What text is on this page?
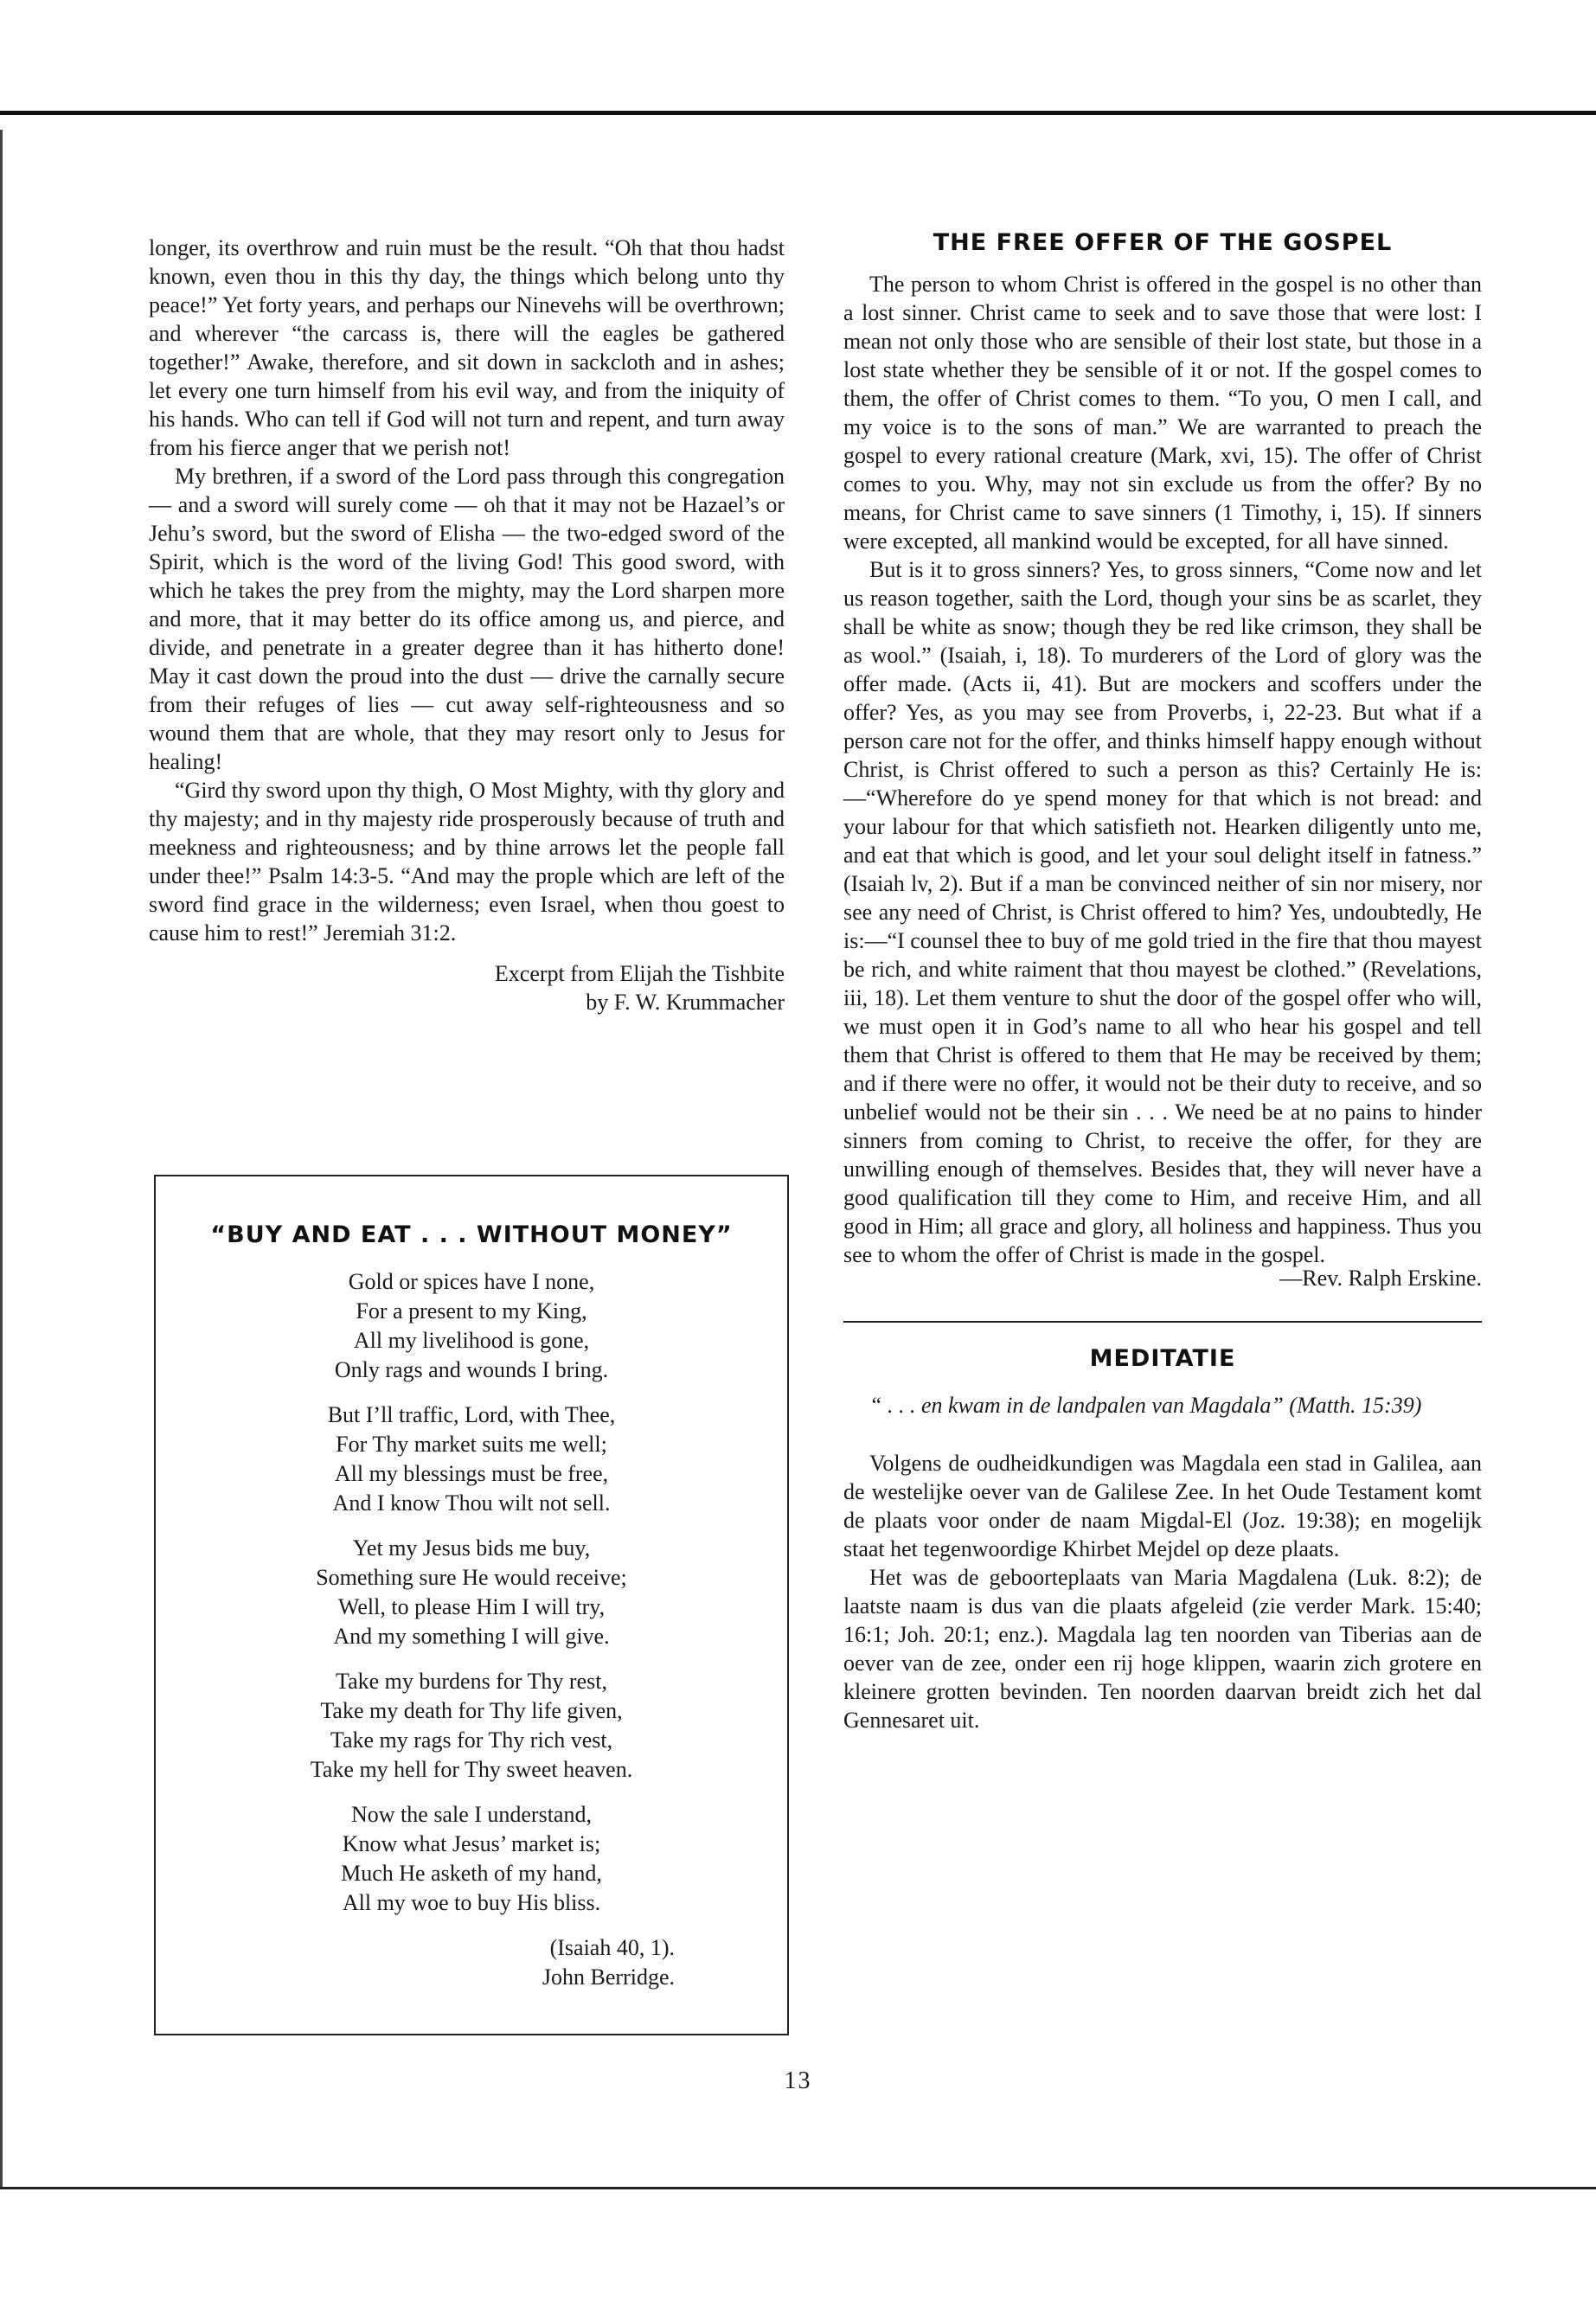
longer, its overthrow and ruin must be the result. “Oh that thou hadst known, even thou in this thy day, the things which belong unto thy peace!” Yet forty years, and perhaps our Ninevehs will be overthrown; and wherever “the carcass is, there will the eagles be gathered together!” Awake, therefore, and sit down in sackcloth and in ashes; let every one turn himself from his evil way, and from the iniquity of his hands. Who can tell if God will not turn and repent, and turn away from his fierce anger that we perish not!

My brethren, if a sword of the Lord pass through this congregation — and a sword will surely come — oh that it may not be Hazael’s or Jehu’s sword, but the sword of Elisha — the two-edged sword of the Spirit, which is the word of the living God! This good sword, with which he takes the prey from the mighty, may the Lord sharpen more and more, that it may better do its office among us, and pierce, and divide, and penetrate in a greater degree than it has hitherto done! May it cast down the proud into the dust — drive the carnally secure from their refuges of lies — cut away self-righteousness and so wound them that are whole, that they may resort only to Jesus for healing!

“Gird thy sword upon thy thigh, O Most Mighty, with thy glory and thy majesty; and in thy majesty ride prosperously because of truth and meekness and righteousness; and by thine arrows let the people fall under thee!” Psalm 14:3-5. “And may the prople which are left of the sword find grace in the wilderness; even Israel, when thou goest to cause him to rest!” Jeremiah 31:2.

Excerpt from Elijah the Tishbite
by F. W. Krummacher
“BUY AND EAT . . . WITHOUT MONEY”
Gold or spices have I none,
For a present to my King,
All my livelihood is gone,
Only rags and wounds I bring.
But I’ll traffic, Lord, with Thee,
For Thy market suits me well;
All my blessings must be free,
And I know Thou wilt not sell.
Yet my Jesus bids me buy,
Something sure He would receive;
Well, to please Him I will try,
And my something I will give.
Take my burdens for Thy rest,
Take my death for Thy life given,
Take my rags for Thy rich vest,
Take my hell for Thy sweet heaven.
Now the sale I understand,
Know what Jesus’ market is;
Much He asketh of my hand,
All my woe to buy His bliss.
(Isaiah 40, 1).
John Berridge.
THE FREE OFFER OF THE GOSPEL

The person to whom Christ is offered in the gospel is no other than a lost sinner. Christ came to seek and to save those that were lost: I mean not only those who are sensible of their lost state, but those in a lost state whether they be sensible of it or not. If the gospel comes to them, the offer of Christ comes to them. “To you, O men I call, and my voice is to the sons of man.” We are warranted to preach the gospel to every rational creature (Mark, xvi, 15). The offer of Christ comes to you. Why, may not sin exclude us from the offer? By no means, for Christ came to save sinners (1 Timothy, i, 15). If sinners were excepted, all mankind would be excepted, for all have sinned.

But is it to gross sinners? Yes, to gross sinners, “Come now and let us reason together, saith the Lord, though your sins be as scarlet, they shall be white as snow; though they be red like crimson, they shall be as wool.” (Isaiah, i, 18). To murderers of the Lord of glory was the offer made. (Acts ii, 41). But are mockers and scoffers under the offer? Yes, as you may see from Proverbs, i, 22-23. But what if a person care not for the offer, and thinks himself happy enough without Christ, is Christ offered to such a person as this? Certainly He is:—“Wherefore do ye spend money for that which is not bread: and your labour for that which satisfieth not. Hearken diligently unto me, and eat that which is good, and let your soul delight itself in fatness.” (Isaiah lv, 2). But if a man be convinced neither of sin nor misery, nor see any need of Christ, is Christ offered to him? Yes, undoubtedly, He is:—“I counsel thee to buy of me gold tried in the fire that thou mayest be rich, and white raiment that thou mayest be clothed.” (Revelations, iii, 18). Let them venture to shut the door of the gospel offer who will, we must open it in God’s name to all who hear his gospel and tell them that Christ is offered to them that He may be received by them; and if there were no offer, it would not be their duty to receive, and so unbelief would not be their sin . . . We need be at no pains to hinder sinners from coming to Christ, to receive the offer, for they are unwilling enough of themselves. Besides that, they will never have a good qualification till they come to Him, and receive Him, and all good in Him; all grace and glory, all holiness and happiness. Thus you see to whom the offer of Christ is made in the gospel.

—Rev. Ralph Erskine.
MEDITATIE

“ . . . en kwam in de landpalen van Magdala” (Matth. 15:39)

Volgens de oudheidkundigen was Magdala een stad in Galilea, aan de westelijke oever van de Galilese Zee. In het Oude Testament komt de plaats voor onder de naam Migdal-El (Joz. 19:38); en mogelijk staat het tegenwoordige Khirbet Mejdel op deze plaats.

Het was de geboorteplaats van Maria Magdalena (Luk. 8:2); de laatste naam is dus van die plaats afgeleid (zie verder Mark. 15:40; 16:1; Joh. 20:1; enz.). Magdala lag ten noorden van Tiberias aan de oever van de zee, onder een rij hoge klippen, waarin zich grotere en kleinere grotten bevinden. Ten noorden daarvan breidt zich het dal Gennesaret uit.

13
